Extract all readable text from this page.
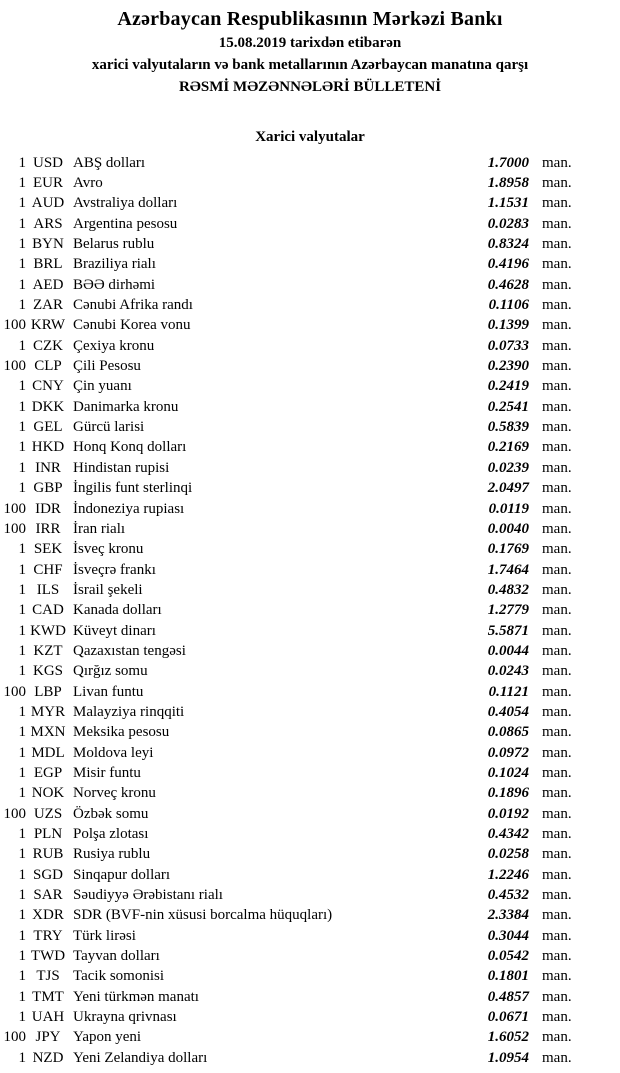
Azərbaycan Respublikasının Mərkəzi Bankı
15.08.2019 tarixdən etibarən
xarici valyutaların və bank metallarının Azərbaycan manatına qarşı
RƏSMİ MƏZƏNNƏLƏRİ BÜLLETENİ
Xarici valyutalar
1 USD ABŞ dolları	1.7000 man.
1 EUR Avro	1.8958 man.
1 AUD Avstraliya dolları	1.1531 man.
1 ARS Argentina pesosu	0.0283 man.
1 BYN Belarus rublu	0.8324 man.
1 BRL Braziliya rialı	0.4196 man.
1 AED BƏƏ dirhəmi	0.4628 man.
1 ZAR Cənubi Afrika randı	0.1106 man.
100 KRW Cənubi Korea vonu	0.1399 man.
1 CZK Çexiya kronu	0.0733 man.
100 CLP Çili Pesosu	0.2390 man.
1 CNY Çin yuanı	0.2419 man.
1 DKK Danimarka kronu	0.2541 man.
1 GEL Gürcü larisi	0.5839 man.
1 HKD Honq Konq dolları	0.2169 man.
1 INR Hindistan rupisi	0.0239 man.
1 GBP İngilis funt sterlinqi	2.0497 man.
100 IDR İndoneziya rupiası	0.0119 man.
100 IRR İran rialı	0.0040 man.
1 SEK İsveç kronu	0.1769 man.
1 CHF İsveçrə frankı	1.7464 man.
1 ILS İsrail şekeli	0.4832 man.
1 CAD Kanada dolları	1.2779 man.
1 KWD Küveyt dinarı	5.5871 man.
1 KZT Qazaxıstan tengəsi	0.0044 man.
1 KGS Qırğız somu	0.0243 man.
100 LBP Livan funtu	0.1121 man.
1 MYR Malayziya rinqqiti	0.4054 man.
1 MXN Meksika pesosu	0.0865 man.
1 MDL Moldova leyi	0.0972 man.
1 EGP Misir funtu	0.1024 man.
1 NOK Norveç kronu	0.1896 man.
100 UZS Özbək somu	0.0192 man.
1 PLN Polşa zlotası	0.4342 man.
1 RUB Rusiya rublu	0.0258 man.
1 SGD Sinqapur dolları	1.2246 man.
1 SAR Səudiyyə Ərəbistanı rialı	0.4532 man.
1 XDR SDR (BVF-nin xüsusi borcalma hüquqları)	2.3384 man.
1 TRY Türk lirəsi	0.3044 man.
1 TWD Tayvan dolları	0.0542 man.
1 TJS Tacik somonisi	0.1801 man.
1 TMT Yeni türkmən manatı	0.4857 man.
1 UAH Ukrayna qrivnası	0.0671 man.
100 JPY Yapon yeni	1.6052 man.
1 NZD Yeni Zelandiya dolları	1.0954 man.
